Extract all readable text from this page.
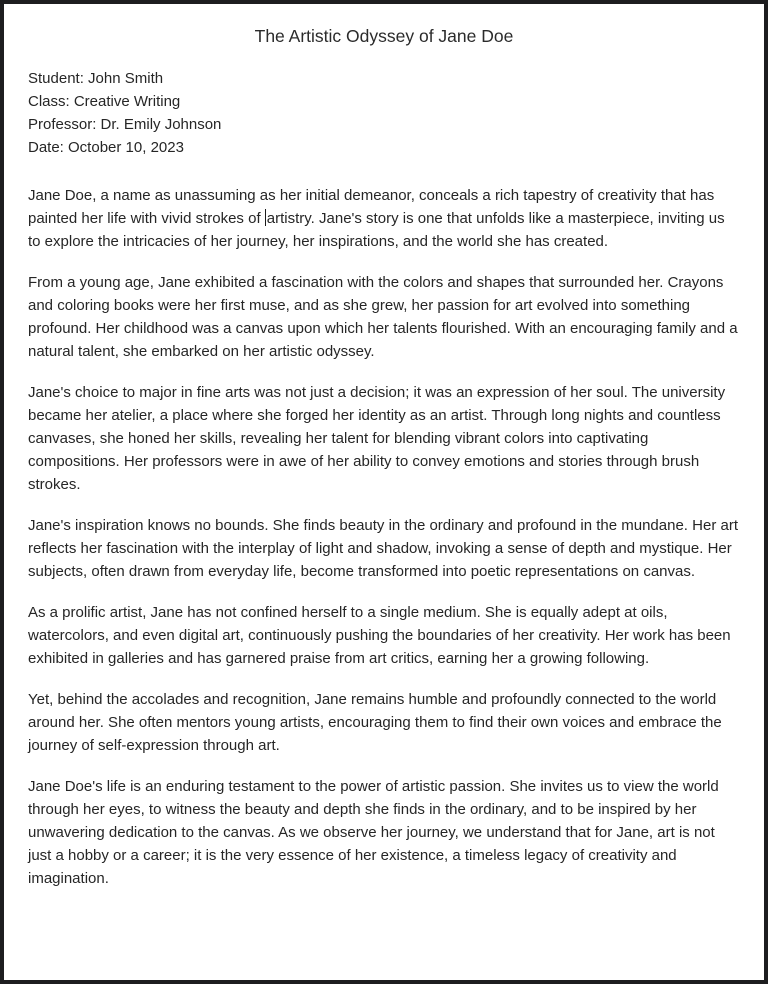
The Artistic Odyssey of Jane Doe
Student: John Smith
Class: Creative Writing
Professor: Dr. Emily Johnson
Date: October 10, 2023

Jane Doe, a name as unassuming as her initial demeanor, conceals a rich tapestry of creativity that has painted her life with vivid strokes of artistry. Jane's story is one that unfolds like a masterpiece, inviting us to explore the intricacies of her journey, her inspirations, and the world she has created.

From a young age, Jane exhibited a fascination with the colors and shapes that surrounded her. Crayons and coloring books were her first muse, and as she grew, her passion for art evolved into something profound. Her childhood was a canvas upon which her talents flourished. With an encouraging family and a natural talent, she embarked on her artistic odyssey.

Jane's choice to major in fine arts was not just a decision; it was an expression of her soul. The university became her atelier, a place where she forged her identity as an artist. Through long nights and countless canvases, she honed her skills, revealing her talent for blending vibrant colors into captivating compositions. Her professors were in awe of her ability to convey emotions and stories through brush strokes.

Jane's inspiration knows no bounds. She finds beauty in the ordinary and profound in the mundane. Her art reflects her fascination with the interplay of light and shadow, invoking a sense of depth and mystique. Her subjects, often drawn from everyday life, become transformed into poetic representations on canvas.

As a prolific artist, Jane has not confined herself to a single medium. She is equally adept at oils, watercolors, and even digital art, continuously pushing the boundaries of her creativity. Her work has been exhibited in galleries and has garnered praise from art critics, earning her a growing following.

Yet, behind the accolades and recognition, Jane remains humble and profoundly connected to the world around her. She often mentors young artists, encouraging them to find their own voices and embrace the journey of self-expression through art.

Jane Doe's life is an enduring testament to the power of artistic passion. She invites us to view the world through her eyes, to witness the beauty and depth she finds in the ordinary, and to be inspired by her unwavering dedication to the canvas. As we observe her journey, we understand that for Jane, art is not just a hobby or a career; it is the very essence of her existence, a timeless legacy of creativity and imagination.
